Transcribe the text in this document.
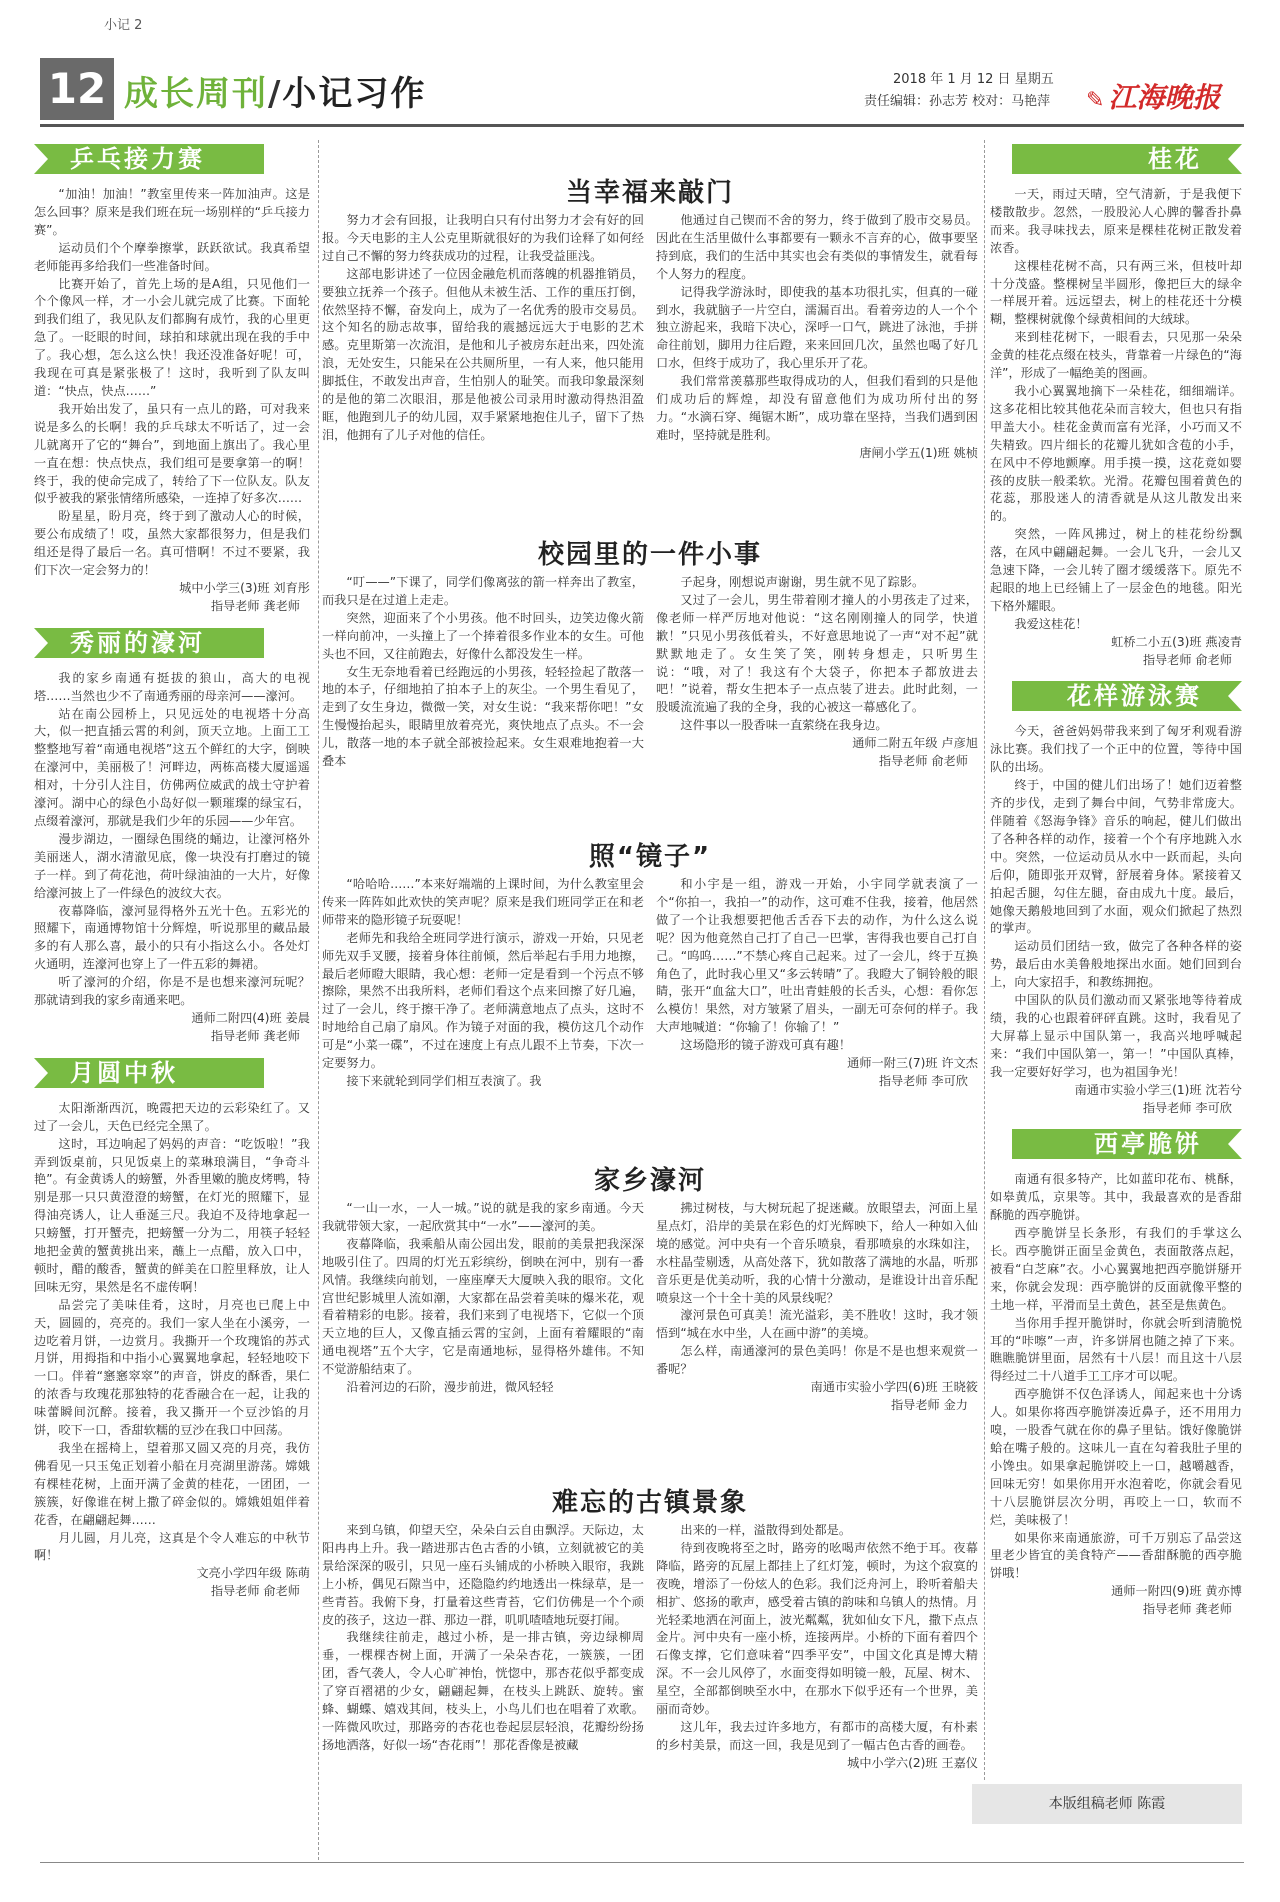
小记 2
12 成长周刊/小记习作	2018 年 1 月 12 日 星期五
责任编辑：孙志芳 校对：马艳萍 ✎ 江海晚报
乒乓接力赛

“加油！加油！”教室里传来一阵加油声。这是怎么回事？原来是我们班在玩一场别样的“乒乓接力赛”。

运动员们个个摩拳擦掌，跃跃欲试。我真希望老师能再多给我们一些准备时间。

比赛开始了，首先上场的是A组，只见他们一个个像风一样，才一小会儿就完成了比赛。下面轮到我们组了，我见队友们都胸有成竹，我的心里更急了。一眨眼的时间，球拍和球就出现在我的手中了。我心想，怎么这么快！我还没准备好呢！可，我现在可真是紧张极了！这时，我听到了队友叫道：“快点，快点……”

我开始出发了，虽只有一点儿的路，可对我来说是多么的长啊！我的乒乓球太不听话了，过一会儿就离开了它的“舞台”，到地面上旗出了。我心里一直在想：快点快点，我们组可是要拿第一的啊！终于，我的使命完成了，转给了下一位队友。队友似乎被我的紧张情绪所感染，一连掉了好多次……

盼星星，盼月亮，终于到了激动人心的时候，要公布成绩了！哎，虽然大家都很努力，但是我们组还是得了最后一名。真可惜啊！不过不要紧，我们下次一定会努力的！

城中小学三(3)班 刘育彤

指导老师 龚老师

秀丽的濠河

我的家乡南通有挺拔的狼山，高大的电视塔……当然也少不了南通秀丽的母亲河——濠河。

站在南公园桥上，只见远处的电视塔十分高大，似一把直插云霄的利剑，顶天立地。上面工工整整地写着“南通电视塔”这五个鲜红的大字，倒映在濠河中，美丽极了！河畔边，两栋高楼大厦遥遥相对，十分引人注目，仿佛两位威武的战士守护着濠河。湖中心的绿色小岛好似一颗璀璨的绿宝石，点缀着濠河，那就是我们少年的乐园——少年宫。

漫步湖边，一圈绿色围绕的蛹边，让濠河格外美丽迷人，湖水清澈见底，像一块没有打磨过的镜子一样。到了荷花池，荷叶绿油油的一大片，好像给濠河披上了一件绿色的波纹大衣。

夜幕降临，濠河显得格外五光十色。五彩光的照耀下，南通博物馆十分辉煌，听说那里的藏品最多的有人那么喜，最小的只有小指这么小。各处灯火通明，连濠河也穿上了一件五彩的舞裙。

听了濠河的介绍，你是不是也想来濠河玩呢？那就请到我的家乡南通来吧。

通师二附四(4)班 姜晨

指导老师 龚老师

月圆中秋

太阳渐渐西沉，晚霞把天边的云彩染红了。又过了一会儿，天色已经完全黑了。

这时，耳边响起了妈妈的声音：“吃饭啦！”我弄到饭桌前，只见饭桌上的菜琳琅满目，“争奇斗艳”。有金黄诱人的螃蟹，外香里嫩的脆皮烤鸭，特别是那一只只黄澄澄的螃蟹，在灯光的照耀下，显得油亮诱人，让人垂涎三尺。我迫不及待地拿起一只螃蟹，打开蟹壳，把螃蟹一分为二，用筷子轻轻地把金黄的蟹黄挑出来，蘸上一点醋，放入口中，顿时，醋的酸香，蟹黄的鲜美在口腔里释放，让人回味无穷，果然是名不虚传啊！

品尝完了美味佳肴，这时，月亮也已爬上中天，圆圆的，亮亮的。我们一家人坐在小溪旁，一边吃着月饼，一边赏月。我撕开一个玫瑰馅的苏式月饼，用拇指和中指小心翼翼地拿起，轻轻地咬下一口。伴着“窸窸窣窣”的声音，饼皮的酥香，果仁的浓香与玫瑰花那独特的花香融合在一起，让我的味蕾瞬间沉醉。接着，我又撕开一个豆沙馅的月饼，咬下一口，香甜软糯的豆沙在我口中回荡。

我坐在摇椅上，望着那又圆又亮的月亮，我仿佛看见一只玉兔正划着小船在月亮湖里游荡。嫦娥有棵桂花树，上面开满了金黄的桂花，一团团，一簇簇，好像谁在树上撒了碎金似的。嫦娥姐姐伴着花香，在翩翩起舞……

月儿圆，月儿亮，这真是个令人难忘的中秋节啊！

文亮小学四年级 陈萌

指导老师 俞老师

当幸福来敲门

努力才会有回报，让我明白只有付出努力才会有好的回报。今天电影的主人公克里斯就很好的为我们诠释了如何经过自己不懈的努力终获成功的过程，让我受益匪浅。

这部电影讲述了一位因金融危机而落魄的机器推销员，要独立抚养一个孩子。但他从未被生活、工作的重压打倒，依然坚持不懈，奋发向上，成为了一名优秀的股市交易员。这个知名的励志故事，留给我的震撼远远大于电影的艺术感。克里斯第一次流泪，是他和儿子被房东赶出来，四处流浪，无处安生，只能呆在公共厕所里，一有人来，他只能用脚抵住，不敢发出声音，生怕别人的耻笑。而我印象最深刻的是他的第二次眼泪，那是他被公司录用时激动得热泪盈眶，他跑到儿子的幼儿园，双手紧紧地抱住儿子，留下了热泪，他拥有了儿子对他的信任。

他通过自己锲而不舍的努力，终于做到了股市交易员。因此在生活里做什么事都要有一颗永不言弃的心，做事要坚持到底，我们的生活中其实也会有类似的事情发生，就看每个人努力的程度。

记得我学游泳时，即使我的基本功很扎实，但真的一碰到水，我就脑子一片空白，濡漏百出。看着旁边的人一个个独立游起来，我暗下决心，深呼一口气，跳进了泳池，手拼命往前划，脚用力往后蹬，来来回回几次，虽然也喝了好几口水，但终于成功了，我心里乐开了花。

我们常常羡慕那些取得成功的人，但我们看到的只是他们成功后的辉煌，却没有留意他们为成功所付出的努力。“水滴石穿、绳锯木断”，成功靠在坚持，当我们遇到困难时，坚持就是胜利。

唐闸小学五(1)班 姚桢

校园里的一件小事

“叮——”下课了，同学们像离弦的箭一样奔出了教室，而我只是在过道上走走。

突然，迎面来了个小男孩。他不时回头，边笑边像火箭一样向前冲，一头撞上了一个捧着很多作业本的女生。可他头也不回，又往前跑去，好像什么都没发生一样。

女生无奈地看着已经跑远的小男孩，轻轻捡起了散落一地的本子，仔细地拍了拍本子上的灰尘。一个男生看见了，走到了女生身边，微微一笑，对女生说：“我来帮你吧！”女生慢慢抬起头，眼睛里放着亮光，爽快地点了点头。不一会儿，散落一地的本子就全部被捡起来。女生艰难地抱着一大叠本

子起身，刚想说声谢谢，男生就不见了踪影。

又过了一会儿，男生带着刚才撞人的小男孩走了过来，像老师一样严厉地对他说：“这名刚刚撞人的同学，快道歉！”只见小男孩低着头，不好意思地说了一声“对不起”就默默地走了。女生笑了笑，刚转身想走，只听男生说：“哦，对了！我这有个大袋子，你把本子都放进去吧！”说着，帮女生把本子一点点装了进去。此时此刻，一股暖流流遍了我的全身，我的心被这一幕感化了。

这件事以一股香味一直萦绕在我身边。

通师二附五年级 卢彦旭

指导老师 俞老师

照“镜子”

“哈哈哈……”本来好端端的上课时间，为什么教室里会传来一阵阵如此欢快的笑声呢？原来是我们班同学正在和老师带来的隐形镜子玩耍呢！

老师先和我给全班同学进行演示，游戏一开始，只见老师先双手叉腰，接着身体往前倾，然后举起右手用力地擦，最后老师瞪大眼睛，我心想：老师一定是看到一个污点不够擦除，果然不出我所料，老师们看这个点来回擦了好几遍，过了一会儿，终于擦干净了。老师满意地点了点头，这时不时地给自己扇了扇风。作为镜子对面的我，模仿这几个动作可是“小菜一碟”，不过在速度上有点儿跟不上节奏，下次一定要努力。

接下来就轮到同学们相互表演了。我

和小宇是一组，游戏一开始，小宇同学就表演了一个“你拍一，我拍一”的动作，这可难不住我，接着，他居然做了一个让我想要把他舌舌吞下去的动作，为什么这么说呢？因为他竟然自己打了自己一巴掌，害得我也要自己打自己。“呜呜……”不禁心疼自己起来。过了一会儿，终于互换角色了，此时我心里又“多云转晴”了。我瞪大了铜铃般的眼睛，张开“血盆大口”，吐出青蛙般的长舌头，心想：看你怎么模仿！果然，对方皱紧了眉头，一副无可奈何的样子。我大声地喊道：“你输了！你输了！”

这场隐形的镜子游戏可真有趣！

通师一附三(7)班 许文杰

指导老师 李可欣

家乡濠河

“一山一水，一人一城。”说的就是我的家乡南通。今天我就带领大家，一起欣赏其中“一水”——濠河的美。

夜幕降临，我乘船从南公园出发，眼前的美景把我深深地吸引住了。四周的灯光五彩缤纷，倒映在河中，别有一番风情。我继续向前划，一座座摩天大厦映入我的眼帘。文化宫世纪影城里人流如潮，大家都在品尝着美味的爆米花，观看着精彩的电影。接着，我们来到了电视塔下，它似一个顶天立地的巨人，又像直插云霄的宝剑，上面有着耀眼的“南通电视塔”五个大字，它是南通地标，显得格外雄伟。不知不觉游船结束了。

沿着河边的石阶，漫步前进，微风轻轻

拂过树枝，与大树玩起了捉迷藏。放眼望去，河面上星星点灯，沿岸的美景在彩色的灯光辉映下，给人一种如入仙境的感觉。河中央有一个音乐喷泉，看那喷泉的水珠如注，水柱晶莹剔透，从高处落下，犹如散落了满地的水晶，听那音乐更是优美动听，我的心情十分激动，是谁设计出音乐配喷泉这一个十全十美的风景线呢？

濠河景色可真美！流光溢彩，美不胜收！这时，我才领悟到“城在水中坐，人在画中游”的美境。

怎么样，南通濠河的景色美吗！你是不是也想来观赏一番呢？

南通市实验小学四(6)班 王晓筱

指导老师 金力

难忘的古镇景象

来到乌镇，仰望天空，朵朵白云自由飘浮。天际边，太阳冉冉上升。我一踏进那古色古香的小镇，立刻就被它的美景给深深的吸引，只见一座石头铺成的小桥映入眼帘，我跳上小桥，偶见石隙当中，还隐隐约约地透出一株绿草，是一些青苔。我俯下身，打量着这些青苔，它们仿佛是一个个顽皮的孩子，这边一群、那边一群，叽叽喳喳地玩耍打闹。

我继续往前走，越过小桥，是一排古镇，旁边绿柳周垂，一棵棵杏树上面，开满了一朵朵杏花，一簇簇，一团团，香气袭人，令人心旷神怡，恍惚中，那杏花似乎都变成了穿百褶裙的少女，翩翩起舞，在枝头上跳跃、旋转。蜜蜂、蝴蝶、嬉戏其间，枝头上，小鸟儿们也在唱着了欢歌。一阵微风吹过，那路旁的杏花也卷起层层轻浪，花瓣纷纷扬扬地洒落，好似一场“杏花雨”！那花香像是被藏

出来的一样，溢散得到处都是。

待到夜晚将至之时，路旁的吆喝声依然不绝于耳。夜幕降临，路旁的瓦屋上都挂上了红灯笼，顿时，为这个寂寞的夜晚，增添了一份炫人的色彩。我们泛舟河上，聆听着船夫相扩、悠扬的歌声，感受着古镇的韵味和乌镇人的热情。月光轻柔地洒在河面上，波光粼粼，犹如仙女下凡，撒下点点金片。河中央有一座小桥，连接两岸。小桥的下面有着四个石像支撑，它们意味着“四季平安”，中国文化真是博大精深。不一会儿风停了，水面变得如明镜一般，瓦屋、树木、星空，全部都倒映至水中，在那水下似乎还有一个世界，美丽而奇妙。

这儿年，我去过许多地方，有都市的高楼大厦，有朴素的乡村美景，而这一回，我是见到了一幅古色古香的画卷。

城中小学六(2)班 王嘉仪

桂花

一天，雨过天晴，空气清新，于是我便下楼散散步。忽然，一股股沁人心脾的馨香扑鼻而来。我寻味找去，原来是棵桂花树正散发着浓香。

这棵桂花树不高，只有两三米，但枝叶却十分茂盛。整棵树呈半圆形，像把巨大的绿伞一样展开着。远远望去，树上的桂花还十分模糊，整棵树就像个绿黄相间的大绒球。

来到桂花树下，一眼看去，只见那一朵朵金黄的桂花点缀在枝头，背靠着一片绿色的“海洋”，形成了一幅绝美的图画。

我小心翼翼地摘下一朵桂花，细细端详。这多花相比较其他花朵而言较大，但也只有指甲盖大小。桂花金黄而富有光泽，小巧而又不失精致。四片细长的花瓣儿犹如含苞的小手，在风中不停地颤摩。用手摸一摸，这花竟如婴孩的皮肤一般柔软。光滑。花瓣包围着黄色的花蕊，那股迷人的清香就是从这儿散发出来的。

突然，一阵风拂过，树上的桂花纷纷飘落，在风中翩翩起舞。一会儿飞升，一会儿又急速下降，一会儿转了圈才缓缓落下。原先不起眼的地上已经铺上了一层金色的地毯。阳光下格外耀眼。

我爱这桂花！

虹桥二小五(3)班 燕凌青

指导老师 俞老师

花样游泳赛

今天，爸爸妈妈带我来到了匈牙利观看游泳比赛。我们找了一个正中的位置，等待中国队的出场。

终于，中国的健儿们出场了！她们迈着整齐的步伐，走到了舞台中间，气势非常庞大。伴随着《怒海争锋》音乐的响起，健儿们做出了各种各样的动作，接着一个个有序地跳入水中。突然，一位运动员从水中一跃而起，头向后仰，随即张开双臂，舒展着身体。紧接着又拍起舌腿，勾住左腿，奋由成九十度。最后，她像天鹅般地回到了水面，观众们掀起了热烈的掌声。

运动员们团结一致，做完了各种各样的姿势，最后由水美鲁般地探出水面。她们回到台上，向大家招手，和教练拥抱。

中国队的队员们激动而又紧张地等待着成绩，我的心也跟着砰砰直跳。这时，我看见了大屏幕上显示中国队第一，我高兴地呼喊起来：“我们中国队第一，第一！”中国队真棒，我一定要好好学习，也为祖国争光！

南通市实验小学三(1)班 沈若兮

指导老师 李可欣

西亭脆饼

南通有很多特产，比如蓝印花布、桃酥，如皋黄瓜，京果等。其中，我最喜欢的是香甜酥脆的西亭脆饼。

西亭脆饼呈长条形，有我们的手掌这么长。西亭脆饼正面呈金黄色，表面散落点起，被看“白芝麻”衣。小心翼翼地把西亭脆饼掰开来，你就会发现：西亭脆饼的反面就像平整的土地一样，平滑而呈土黄色，甚至是焦黄色。

当你用手捏开脆饼时，你就会听到清脆悦耳的“咔嚓”一声，许多饼屑也随之掉了下来。瞧瞧脆饼里面，居然有十八层！而且这十八层得经过二十八道手工工序才可以呢。

西亭脆饼不仅色泽诱人，闻起来也十分诱人。如果你将西亭脆饼凑近鼻子，还不用用力嗅，一股香气就在你的鼻子里钻。饿好像脆饼蛤在嘴子般的。这味儿一直在勾着我肚子里的小馋虫。如果拿起脆饼咬上一口，越嚼越香，回味无穷！如果你用开水泡着吃，你就会看见十八层脆饼层次分明，再咬上一口，软而不烂，美味极了！

如果你来南通旅游，可千万别忘了品尝这里老少皆宜的美食特产——香甜酥脆的西亭脆饼哦！

通师一附四(9)班 黄亦博

指导老师 龚老师

本版组稿老师 陈霞
